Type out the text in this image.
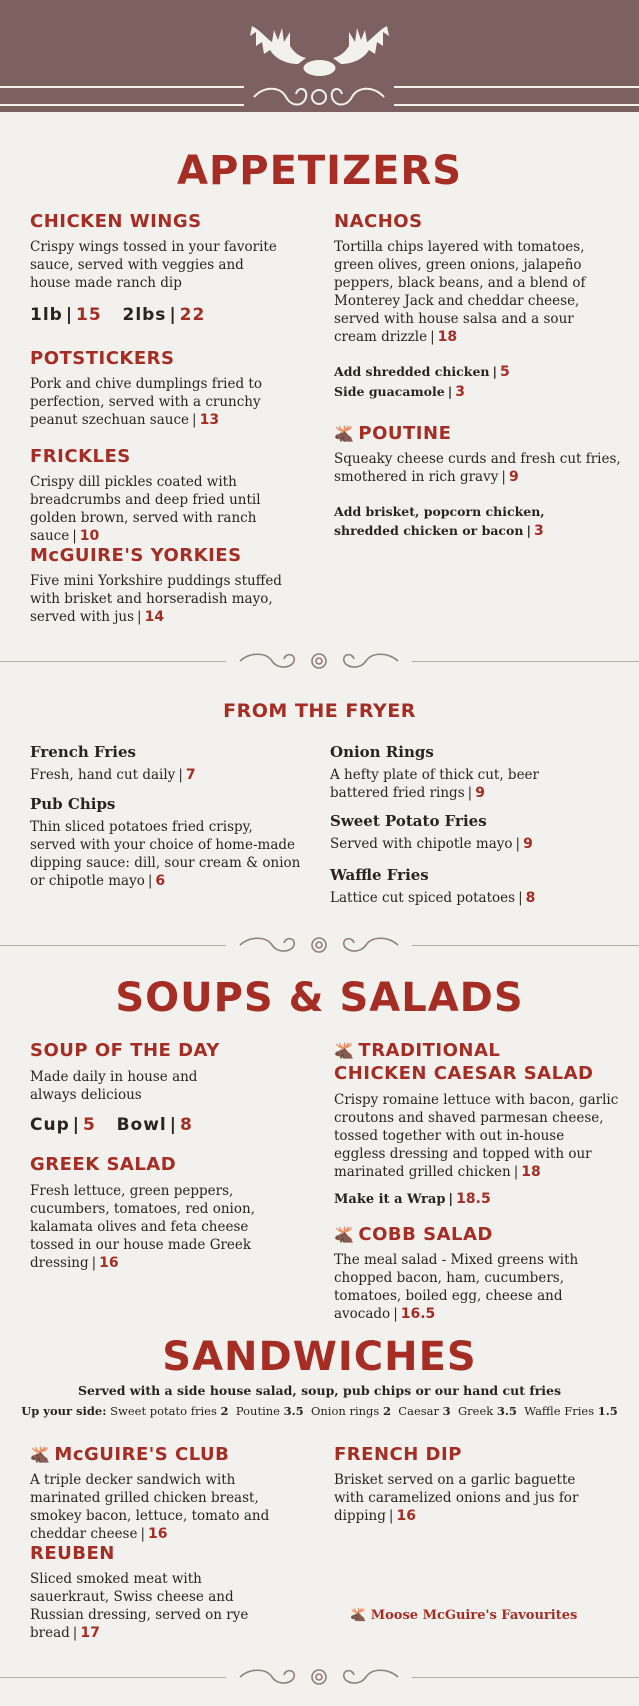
APPETIZERS
CHICKEN WINGS
Crispy wings tossed in your favorite sauce, served with veggies and house made ranch dip
1lb | 15 2lbs | 22
POTSTICKERS
Pork and chive dumplings fried to perfection, served with a crunchy peanut szechuan sauce | 13
FRICKLES
Crispy dill pickles coated with breadcrumbs and deep fried until golden brown, served with ranch sauce | 10
McGUIRE'S YORKIES
Five mini Yorkshire puddings stuffed with brisket and horseradish mayo, served with jus | 14
NACHOS
Tortilla chips layered with tomatoes, green olives, green onions, jalapeño peppers, black beans, and a blend of Monterey Jack and cheddar cheese, served with house salsa and a sour cream drizzle | 18
Add shredded chicken | 5
Side guacamole | 3
🫎 POUTINE
Squeaky cheese curds and fresh cut fries, smothered in rich gravy | 9
Add brisket, popcorn chicken, shredded chicken or bacon | 3
FROM THE FRYER
French Fries
Fresh, hand cut daily | 7
Pub Chips
Thin sliced potatoes fried crispy, served with your choice of home-made dipping sauce: dill, sour cream & onion or chipotle mayo | 6
Onion Rings
A hefty plate of thick cut, beer battered fried rings | 9
Sweet Potato Fries
Served with chipotle mayo | 9
Waffle Fries
Lattice cut spiced potatoes | 8
SOUPS & SALADS
SOUP OF THE DAY
Made daily in house and always delicious
Cup | 5 Bowl | 8
GREEK SALAD
Fresh lettuce, green peppers, cucumbers, tomatoes, red onion, kalamata olives and feta cheese tossed in our house made Greek dressing | 16
🫎 TRADITIONAL
CHICKEN CAESAR SALAD
Crispy romaine lettuce with bacon, garlic croutons and shaved parmesan cheese, tossed together with out in-house eggless dressing and topped with our marinated grilled chicken | 18
Make it a Wrap | 18.5
🫎 COBB SALAD
The meal salad - Mixed greens with chopped bacon, ham, cucumbers, tomatoes, boiled egg, cheese and avocado | 16.5
SANDWICHES
Served with a side house salad, soup, pub chips or our hand cut fries
Up your side: Sweet potato fries 2 Poutine 3.5 Onion rings 2 Caesar 3 Greek 3.5 Waffle Fries 1.5
🫎 McGUIRE'S CLUB
A triple decker sandwich with marinated grilled chicken breast, smokey bacon, lettuce, tomato and cheddar cheese | 16
REUBEN
Sliced smoked meat with sauerkraut, Swiss cheese and Russian dressing, served on rye bread | 17
FRENCH DIP
Brisket served on a garlic baguette with caramelized onions and jus for dipping | 16
🫎 Moose McGuire's Favourites
